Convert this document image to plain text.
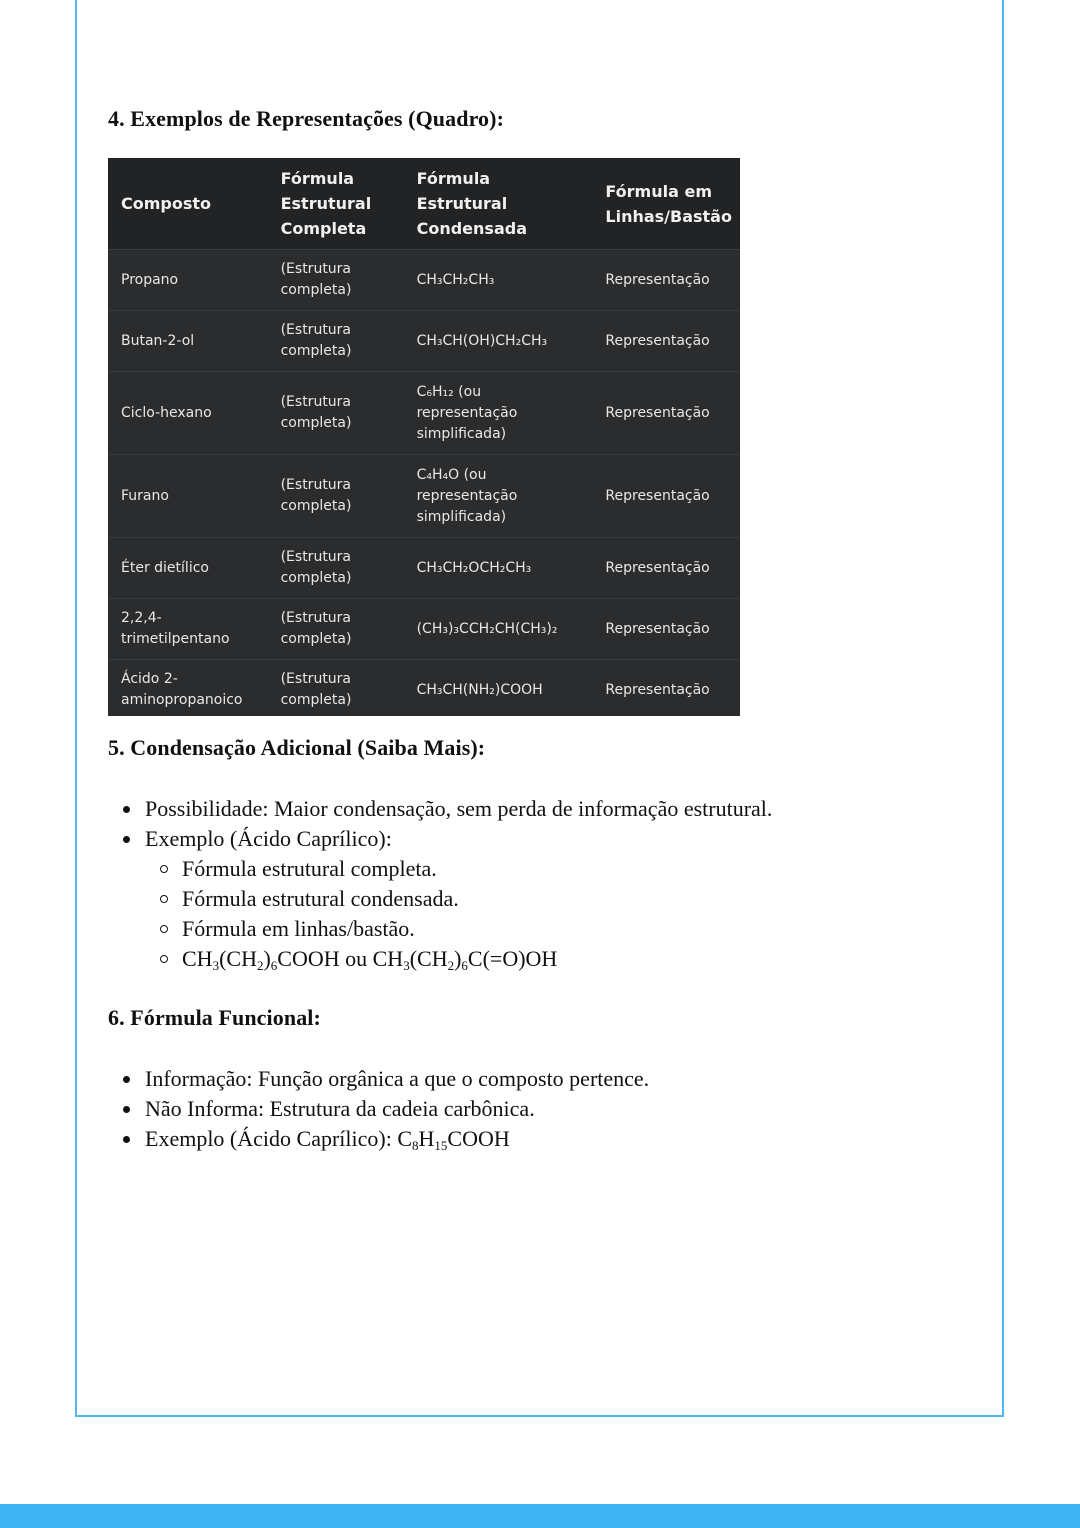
4. Exemplos de Representações (Quadro):
Composto	Fórmula Estrutural Completa	Fórmula Estrutural Condensada	Fórmula em Linhas/Bastão
Propano	(Estrutura completa)	CH₃CH₂CH₃	Representação
Butan-2-ol	(Estrutura completa)	CH₃CH(OH)CH₂CH₃	Representação
Ciclo-hexano	(Estrutura completa)	C₆H₁₂ (ou representação simplificada)	Representação
Furano	(Estrutura completa)	C₄H₄O (ou representação simplificada)	Representação
Éter dietílico	(Estrutura completa)	CH₃CH₂OCH₂CH₃	Representação
2,2,4-trimetilpentano	(Estrutura completa)	(CH₃)₃CCH₂CH(CH₃)₂	Representação
Ácido 2-aminopropanoico	(Estrutura completa)	CH₃CH(NH₂)COOH	Representação
5. Condensação Adicional (Saiba Mais):
Possibilidade: Maior condensação, sem perda de informação estrutural.
Exemplo (Ácido Caprílico):
Fórmula estrutural completa.
Fórmula estrutural condensada.
Fórmula em linhas/bastão.
$CH_3(CH_2)_6COOH$ ou $CH_3(CH_2)_6C(=O)OH$
6. Fórmula Funcional:
Informação: Função orgânica a que o composto pertence.
Não Informa: Estrutura da cadeia carbônica.
Exemplo (Ácido Caprílico): $C_8H_{15}COOH$
